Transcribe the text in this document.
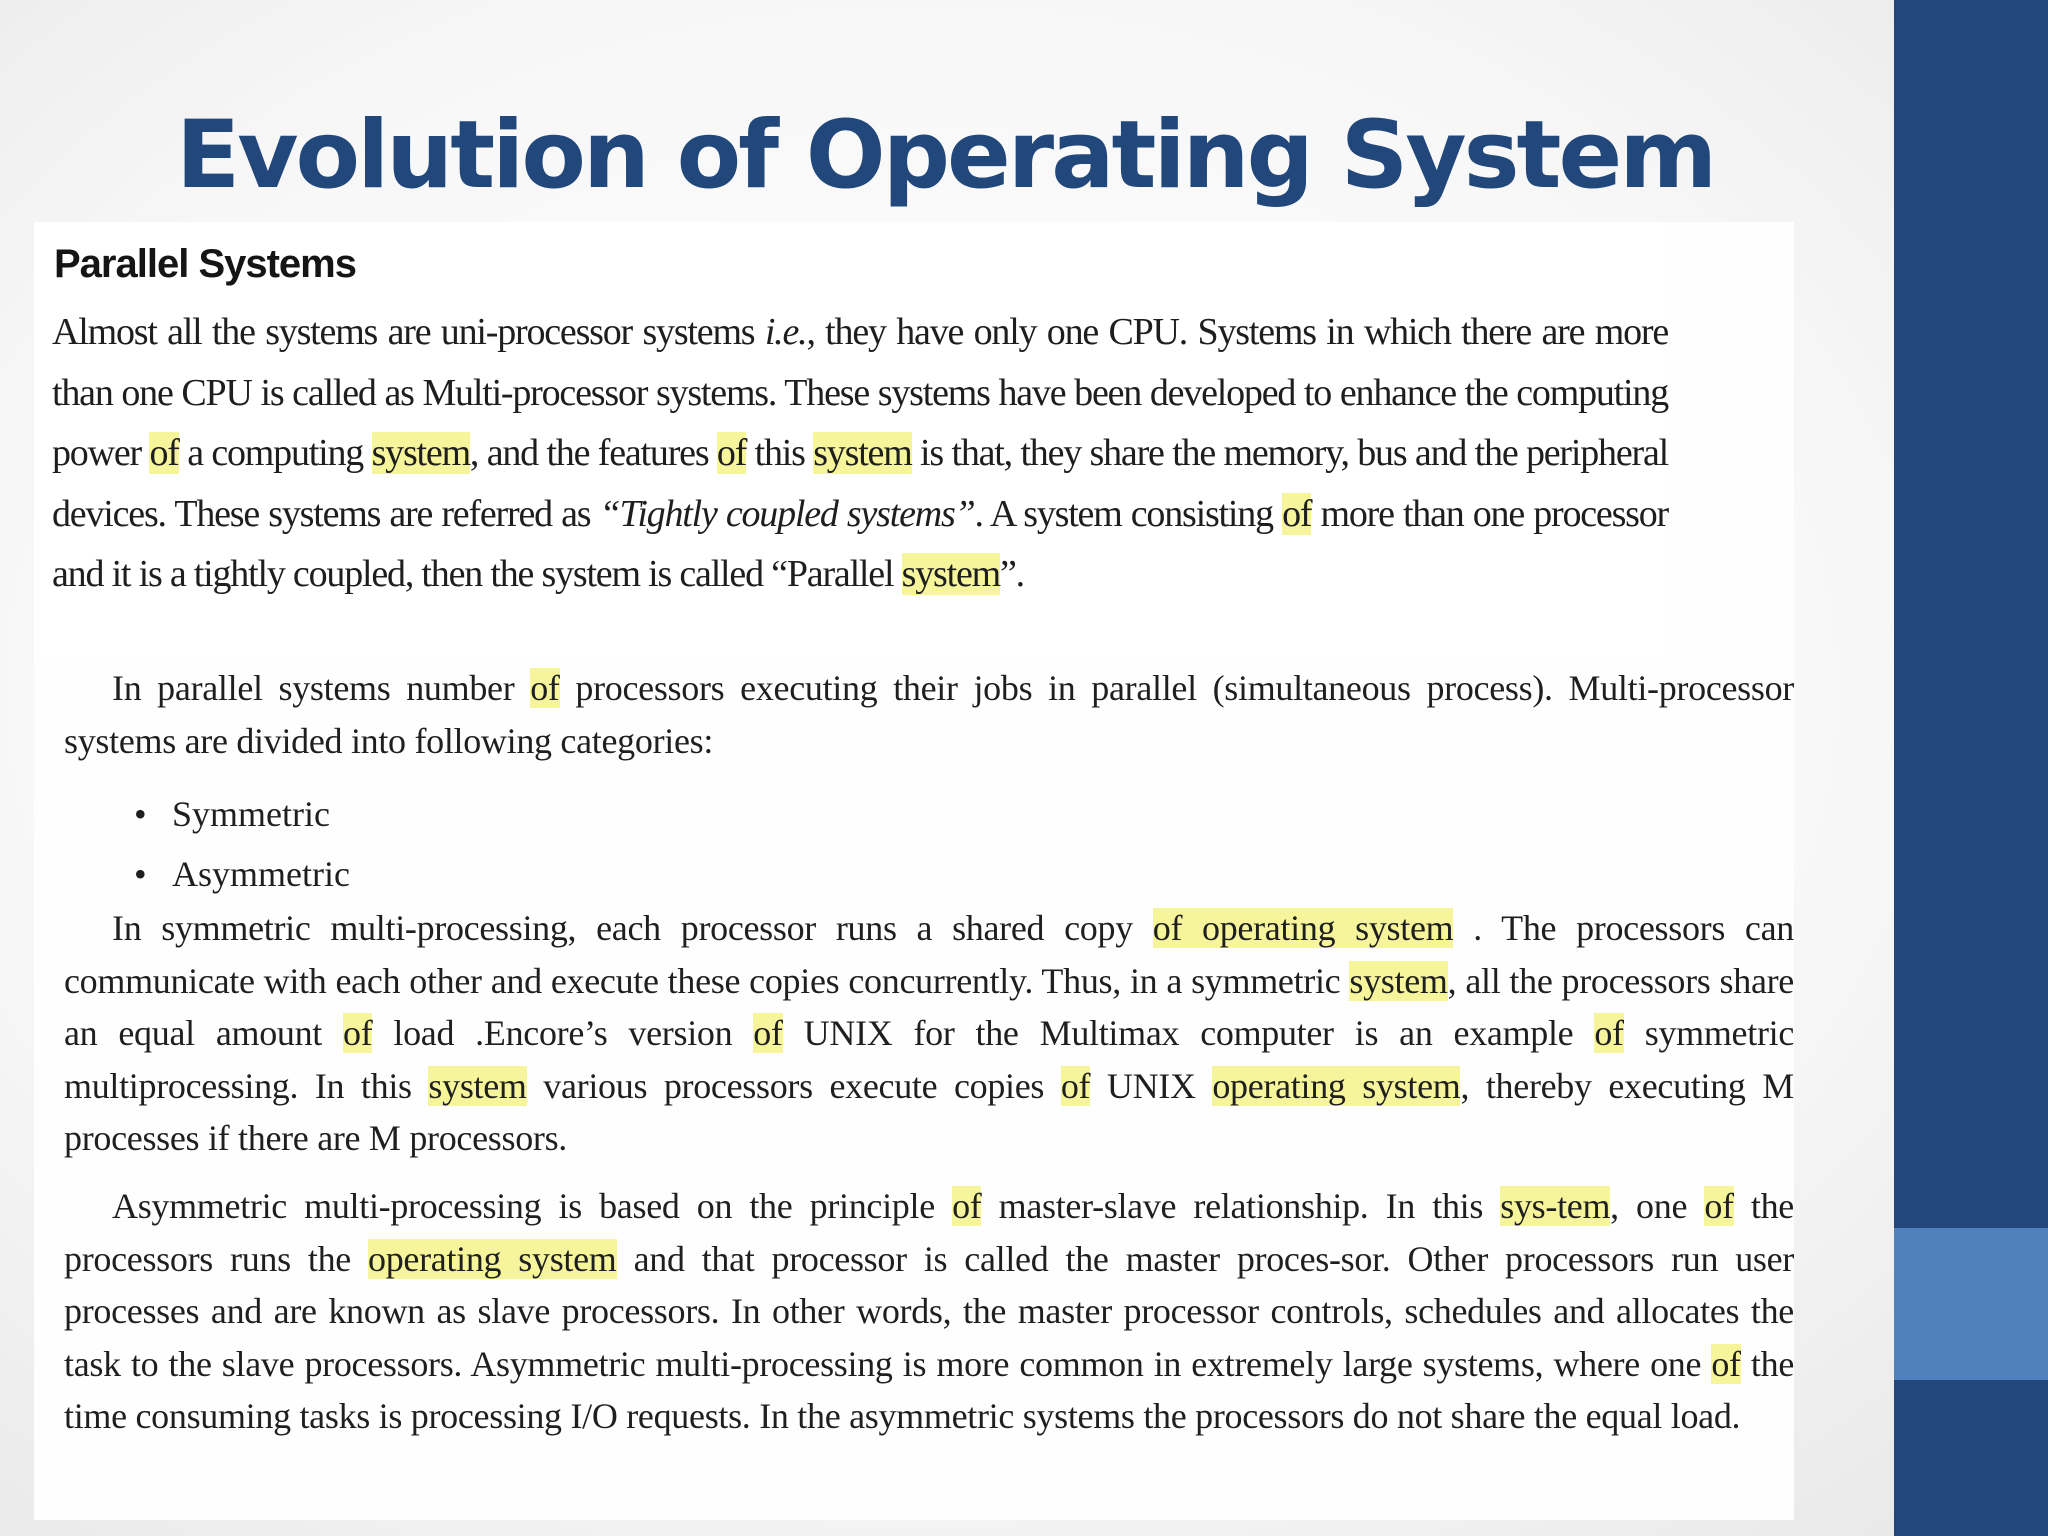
Evolution of Operating System
Parallel Systems

Almost all the systems are uni-processor systems i.e., they have only one CPU. Systems in which there are more than one CPU is called as Multi-processor systems. These systems have been developed to enhance the computing power of a computing system, and the features of this system is that, they share the memory, bus and the peripheral devices. These systems are referred as “Tightly coupled systems”. A system consisting of more than one processor and it is a tightly coupled, then the system is called “Parallel system”.

In parallel systems number of processors executing their jobs in parallel (simultaneous process). Multi-processor systems are divided into following categories:

• Symmetric
• Asymmetric

In symmetric multi-processing, each processor runs a shared copy of operating system . The processors can communicate with each other and execute these copies concurrently. Thus, in a symmetric system, all the processors share an equal amount of load .Encore’s version of UNIX for the Multimax computer is an example of symmetric multiprocessing. In this system various processors execute copies of UNIX operating system, thereby executing M processes if there are M processors.

Asymmetric multi-processing is based on the principle of master-slave relationship. In this sys-tem, one of the processors runs the operating system and that processor is called the master proces-sor. Other processors run user processes and are known as slave processors. In other words, the master processor controls, schedules and allocates the task to the slave processors. Asymmetric multi-processing is more common in extremely large systems, where one of the time consuming tasks is processing I/O requests. In the asymmetric systems the processors do not share the equal load.
